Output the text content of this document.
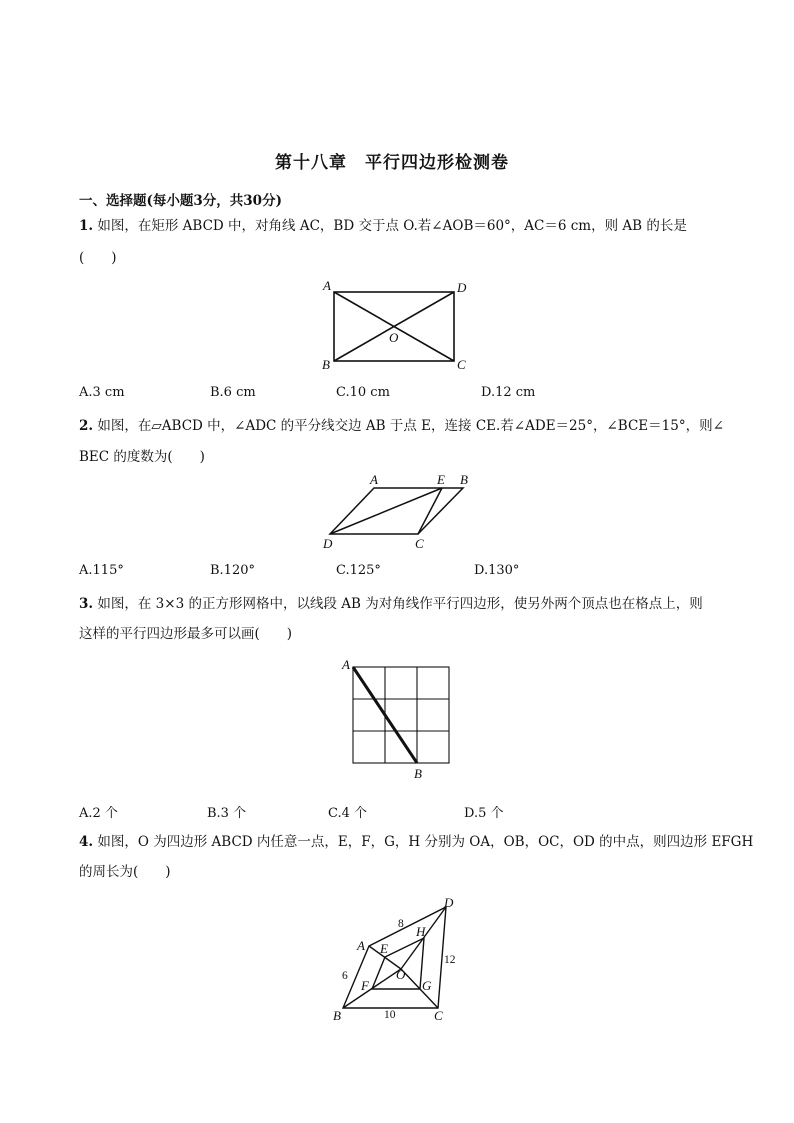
第十八章　平行四边形检测卷
一、选择题(每小题3分，共30分)
1. 如图，在矩形 ABCD 中，对角线 AC，BD 交于点 O.若∠AOB＝60°，AC＝6 cm，则 AB 的长是
(　　)
A	D
B	C
O
A.3 cm	B.6 cm	C.10 cm	D.12 cm
2. 如图，在▱ABCD 中，∠ADC 的平分线交边 AB 于点 E，连接 CE.若∠ADE＝25°，∠BCE＝15°，则∠
BEC 的度数为(　　)
A	E B
D	C
A.115°	B.120°	C.125°	D.130°
3. 如图，在 3×3 的正方形网格中，以线段 AB 为对角线作平行四边形，使另外两个顶点也在格点上，则
这样的平行四边形最多可以画(　　)
A
B
A.2 个	B.3 个	C.4 个	D.5 个
4. 如图，O 为四边形 ABCD 内任意一点，E，F，G，H 分别为 OA，OB，OC，OD 的中点，则四边形 EFGH
的周长为(　　)
A
D
B	C
E
F	G
H
O
8
6
10
12
